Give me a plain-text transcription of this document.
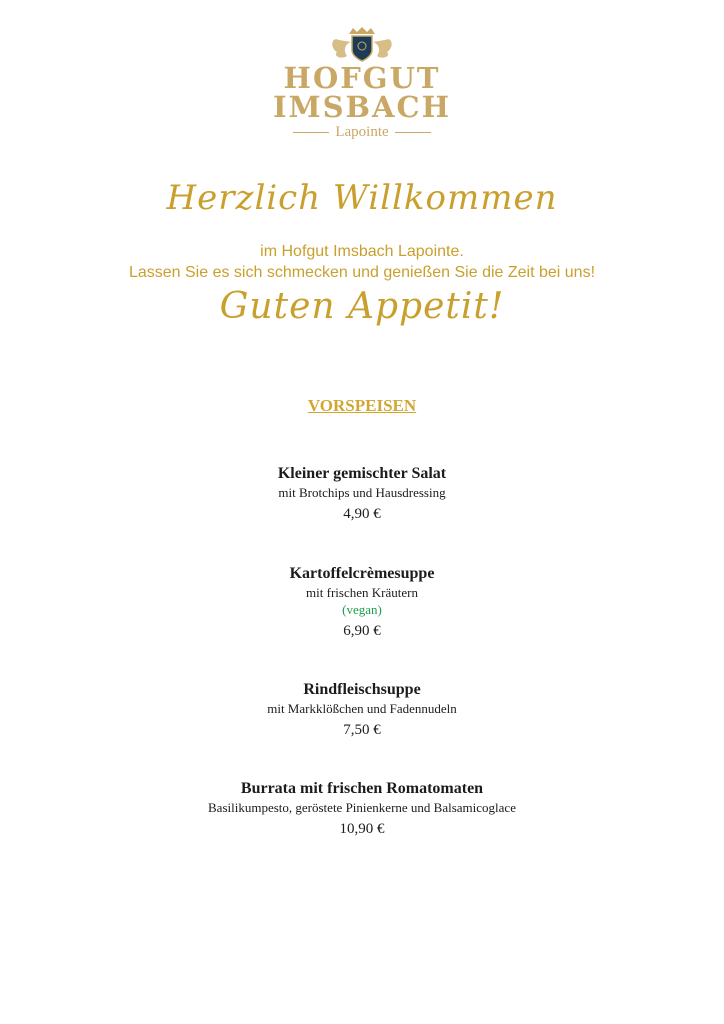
HOFGUT
IMSBACH
Lapointe
Herzlich Willkommen
im Hofgut Imsbach Lapointe.
Lassen Sie es sich schmecken und genießen Sie die Zeit bei uns!
Guten Appetit!
VORSPEISEN
Kleiner gemischter Salat
mit Brotchips und Hausdressing
4,90 €
Kartoffelcrèmesuppe
mit frischen Kräutern
(vegan)
6,90 €
Rindfleischsuppe
mit Markklößchen und Fadennudeln
7,50 €
Burrata mit frischen Romatomaten
Basilikumpesto, geröstete Pinienkerne und Balsamicoglace
10,90 €
